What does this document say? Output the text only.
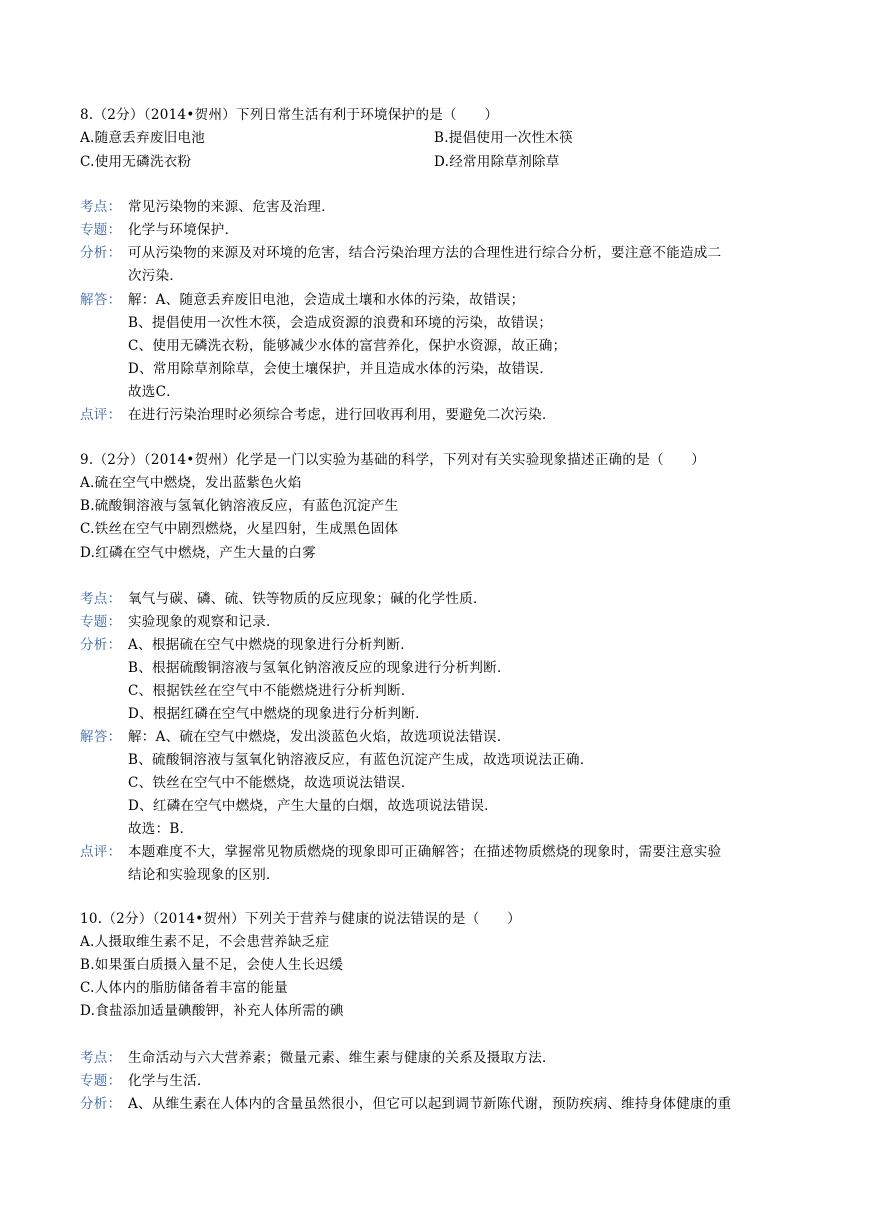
8.（2分）（2014•贺州）下列日常生活有利于环境保护的是（　　）
A.随意丢弃废旧电池	B.提倡使用一次性木筷
C.使用无磷洗衣粉	D.经常用除草剂除草
考点： 常见污染物的来源、危害及治理．
专题： 化学与环境保护．
分析： 可从污染物的来源及对环境的危害，结合污染治理方法的合理性进行综合分析，要注意不能造成二
次污染．
解答： 解：A、随意丢弃废旧电池，会造成土壤和水体的污染，故错误；
B、提倡使用一次性木筷，会造成资源的浪费和环境的污染，故错误；
C、使用无磷洗衣粉，能够减少水体的富营养化，保护水资源，故正确；
D、常用除草剂除草，会使土壤保护，并且造成水体的污染，故错误．
故选C．
点评： 在进行污染治理时必须综合考虑，进行回收再利用，要避免二次污染．
9.（2分）（2014•贺州）化学是一门以实验为基础的科学，下列对有关实验现象描述正确的是（　　）
A.硫在空气中燃烧，发出蓝紫色火焰
B.硫酸铜溶液与氢氧化钠溶液反应，有蓝色沉淀产生
C.铁丝在空气中剧烈燃烧，火星四射，生成黑色固体
D.红磷在空气中燃烧，产生大量的白雾
考点： 氧气与碳、磷、硫、铁等物质的反应现象；碱的化学性质．
专题： 实验现象的观察和记录．
分析： A、根据硫在空气中燃烧的现象进行分析判断．
B、根据硫酸铜溶液与氢氧化钠溶液反应的现象进行分析判断．
C、根据铁丝在空气中不能燃烧进行分析判断．
D、根据红磷在空气中燃烧的现象进行分析判断．
解答： 解：A、硫在空气中燃烧，发出淡蓝色火焰，故选项说法错误．
B、硫酸铜溶液与氢氧化钠溶液反应，有蓝色沉淀产生成，故选项说法正确．
C、铁丝在空气中不能燃烧，故选项说法错误．
D、红磷在空气中燃烧，产生大量的白烟，故选项说法错误．
故选：B．
点评： 本题难度不大，掌握常见物质燃烧的现象即可正确解答；在描述物质燃烧的现象时，需要注意实验
结论和实验现象的区别．
10.（2分）（2014•贺州）下列关于营养与健康的说法错误的是（　　）
A.人摄取维生素不足，不会患营养缺乏症
B.如果蛋白质摄入量不足，会使人生长迟缓
C.人体内的脂肪储备着丰富的能量
D.食盐添加适量碘酸钾，补充人体所需的碘
考点： 生命活动与六大营养素；微量元素、维生素与健康的关系及摄取方法．
专题： 化学与生活．
分析： A、从维生素在人体内的含量虽然很小，但它可以起到调节新陈代谢，预防疾病、维持身体健康的重
